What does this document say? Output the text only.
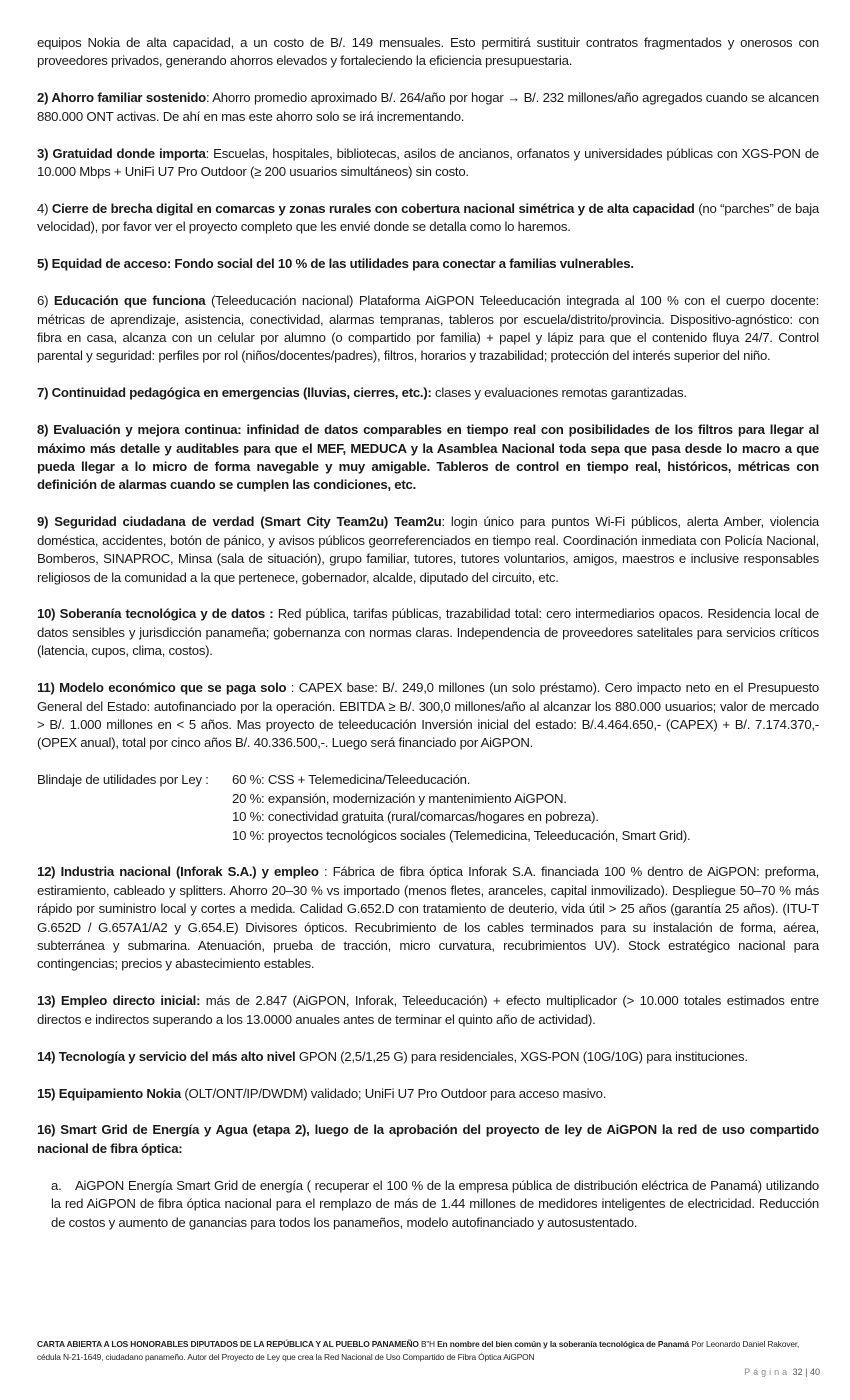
equipos Nokia de alta capacidad, a un costo de B/. 149 mensuales. Esto permitirá sustituir contratos fragmentados y onerosos con proveedores privados, generando ahorros elevados y fortaleciendo la eficiencia presupuestaria.

2) Ahorro familiar sostenido: Ahorro promedio aproximado B/. 264/año por hogar → B/. 232 millones/año agregados cuando se alcancen 880.000 ONT activas. De ahí en mas este ahorro solo se irá incrementando.

3) Gratuidad donde importa: Escuelas, hospitales, bibliotecas, asilos de ancianos, orfanatos y universidades públicas con XGS-PON de 10.000 Mbps + UniFi U7 Pro Outdoor (≥ 200 usuarios simultáneos) sin costo.

4) Cierre de brecha digital en comarcas y zonas rurales con cobertura nacional simétrica y de alta capacidad (no “parches” de baja velocidad), por favor ver el proyecto completo que les envié donde se detalla como lo haremos.

5) Equidad de acceso: Fondo social del 10 % de las utilidades para conectar a familias vulnerables.

6) Educación que funciona (Teleeducación nacional) Plataforma AiGPON Teleeducación integrada al 100 % con el cuerpo docente: métricas de aprendizaje, asistencia, conectividad, alarmas tempranas, tableros por escuela/distrito/provincia. Dispositivo-agnóstico: con fibra en casa, alcanza con un celular por alumno (o compartido por familia) + papel y lápiz para que el contenido fluya 24/7. Control parental y seguridad: perfiles por rol (niños/docentes/padres), filtros, horarios y trazabilidad; protección del interés superior del niño.

7) Continuidad pedagógica en emergencias (lluvias, cierres, etc.): clases y evaluaciones remotas garantizadas.

8) Evaluación y mejora continua: infinidad de datos comparables en tiempo real con posibilidades de los filtros para llegar al máximo más detalle y auditables para que el MEF, MEDUCA y la Asamblea Nacional toda sepa que pasa desde lo macro a que pueda llegar a lo micro de forma navegable y muy amigable. Tableros de control en tiempo real, históricos, métricas con definición de alarmas cuando se cumplen las condiciones, etc.

9) Seguridad ciudadana de verdad (Smart City Team2u) Team2u: login único para puntos Wi-Fi públicos, alerta Amber, violencia doméstica, accidentes, botón de pánico, y avisos públicos georreferenciados en tiempo real. Coordinación inmediata con Policía Nacional, Bomberos, SINAPROC, Minsa (sala de situación), grupo familiar, tutores, tutores voluntarios, amigos, maestros e inclusive responsables religiosos de la comunidad a la que pertenece, gobernador, alcalde, diputado del circuito, etc.

10) Soberanía tecnológica y de datos : Red pública, tarifas públicas, trazabilidad total: cero intermediarios opacos. Residencia local de datos sensibles y jurisdicción panameña; gobernanza con normas claras. Independencia de proveedores satelitales para servicios críticos (latencia, cupos, clima, costos).

11) Modelo económico que se paga solo : CAPEX base: B/. 249,0 millones (un solo préstamo). Cero impacto neto en el Presupuesto General del Estado: autofinanciado por la operación. EBITDA ≥ B/. 300,0 millones/año al alcanzar los 880.000 usuarios; valor de mercado > B/. 1.000 millones en < 5 años. Mas proyecto de teleeducación Inversión inicial del estado: B/.4.464.650,- (CAPEX) + B/. 7.174.370,- (OPEX anual), total por cinco años B/. 40.336.500,-. Luego será financiado por AiGPON.

Blindaje de utilidades por Ley :	60 %: CSS + Telemedicina/Teleeducación.
20 %: expansión, modernización y mantenimiento AiGPON.
10 %: conectividad gratuita (rural/comarcas/hogares en pobreza).
10 %: proyectos tecnológicos sociales (Telemedicina, Teleeducación, Smart Grid).

12) Industria nacional (Inforak S.A.) y empleo : Fábrica de fibra óptica Inforak S.A. financiada 100 % dentro de AiGPON: preforma, estiramiento, cableado y splitters. Ahorro 20–30 % vs importado (menos fletes, aranceles, capital inmovilizado). Despliegue 50–70 % más rápido por suministro local y cortes a medida. Calidad G.652.D con tratamiento de deuterio, vida útil > 25 años (garantía 25 años). (ITU-T G.652D / G.657A1/A2 y G.654.E) Divisores ópticos. Recubrimiento de los cables terminados para su instalación de forma, aérea, subterránea y submarina. Atenuación, prueba de tracción, micro curvatura, recubrimientos UV). Stock estratégico nacional para contingencias; precios y abastecimiento estables.

13) Empleo directo inicial: más de 2.847 (AiGPON, Inforak, Teleeducación) + efecto multiplicador (> 10.000 totales estimados entre directos e indirectos superando a los 13.0000 anuales antes de terminar el quinto año de actividad).

14) Tecnología y servicio del más alto nivel GPON (2,5/1,25 G) para residenciales, XGS-PON (10G/10G) para instituciones.

15) Equipamiento Nokia (OLT/ONT/IP/DWDM) validado; UniFi U7 Pro Outdoor para acceso masivo.

16) Smart Grid de Energía y Agua (etapa 2), luego de la aprobación del proyecto de ley de AiGPON la red de uso compartido nacional de fibra óptica:

a. AiGPON Energía Smart Grid de energía ( recuperar el 100 % de la empresa pública de distribución eléctrica de Panamá) utilizando la red AiGPON de fibra óptica nacional para el remplazo de más de 1.44 millones de medidores inteligentes de electricidad. Reducción de costos y aumento de ganancias para todos los panameños, modelo autofinanciado y autosustentado.

CARTA ABIERTA A LOS HONORABLES DIPUTADOS DE LA REPÚBLICA Y AL PUEBLO PANAMEÑO B”H En nombre del bien común y la soberanía tecnológica de Panamá Por Leonardo Daniel Rakover, cédula N-21-1649, ciudadano panameño. Autor del Proyecto de Ley que crea la Red Nacional de Uso Compartido de Fibra Óptica AiGPON
Página 32 | 40
